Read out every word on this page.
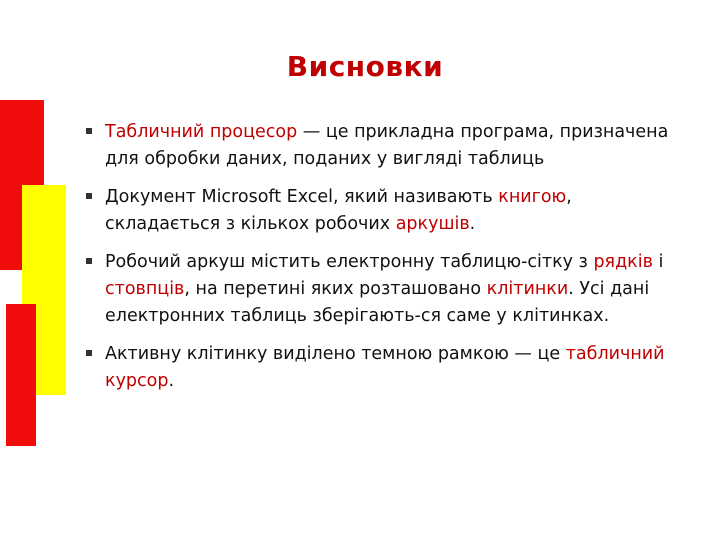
Висновки
Табличний процесор — це прикладна програма, призначена для обробки даних, поданих у вигляді таблиць
Документ Microsoft Excel, який називають книгою, складається з кількох робочих аркушів.
Робочий аркуш містить електронну таблицю-сітку з рядків і стовпців, на перетині яких розташовано клітинки. Усі дані електронних таблиць зберігають-ся саме у клітинках.
Активну клітинку виділено темною рамкою — це табличний курсор.
